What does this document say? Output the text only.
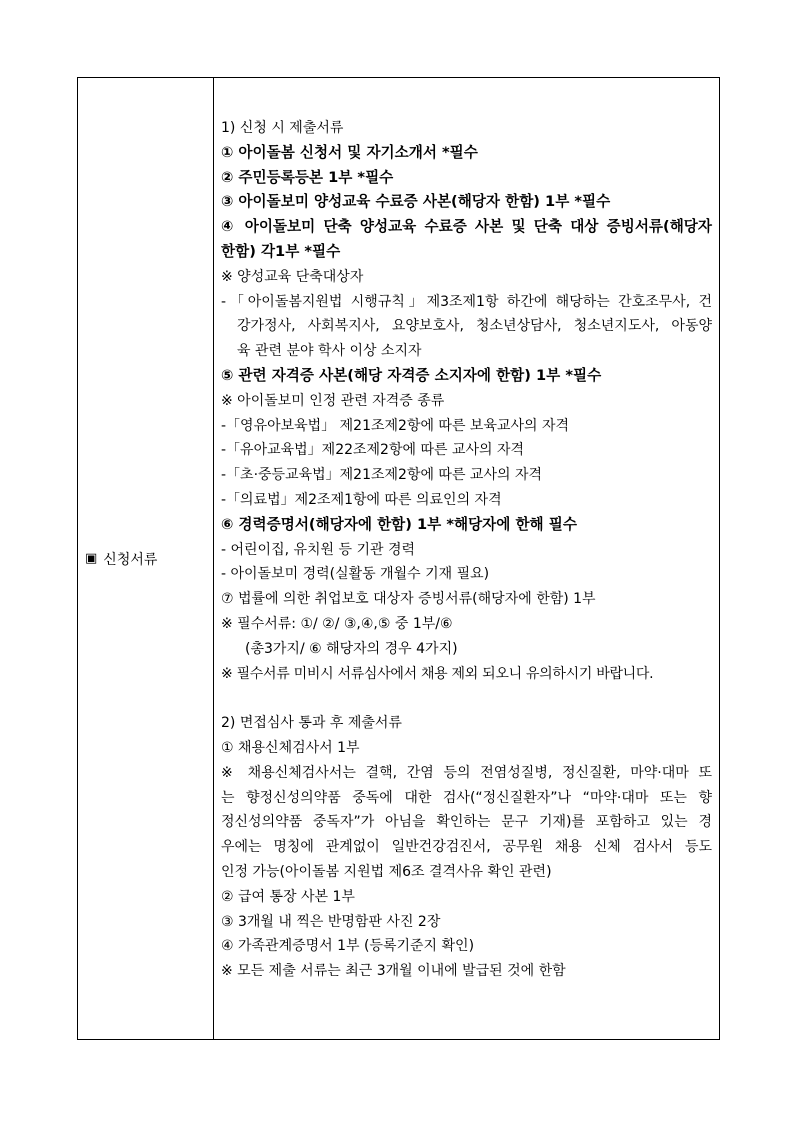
▣ 신청서류

1) 신청 시 제출서류

① 아이돌봄 신청서 및 자기소개서 *필수

② 주민등록등본 1부 *필수

③ 아이돌보미 양성교육 수료증 사본(해당자 한함) 1부 *필수

④ 아이돌보미 단축 양성교육 수료증 사본 및 단축 대상 증빙서류(해당자

한함) 각1부 *필수

※ 양성교육 단축대상자

-「아이돌봄지원법 시행규칙」제3조제1항 하간에 해당하는 간호조무사, 건

강가정사, 사회복지사, 요양보호사, 청소년상담사, 청소년지도사, 아동양

육 관련 분야 학사 이상 소지자

⑤ 관련 자격증 사본(해당 자격증 소지자에 한함) 1부 *필수

※ 아이돌보미 인정 관련 자격증 종류

-「영유아보육법」 제21조제2항에 따른 보육교사의 자격

-「유아교육법」제22조제2항에 따른 교사의 자격

-「초·중등교육법」제21조제2항에 따른 교사의 자격

-「의료법」제2조제1항에 따른 의료인의 자격

⑥ 경력증명서(해당자에 한함) 1부 *해당자에 한해 필수

- 어린이집, 유치원 등 기관 경력

- 아이돌보미 경력(실활동 개월수 기재 필요)

⑦ 법률에 의한 취업보호 대상자 증빙서류(해당자에 한함) 1부

※ 필수서류: ①/ ②/ ③,④,⑤ 중 1부/⑥

(총3가지/ ⑥ 해당자의 경우 4가지)

※ 필수서류 미비시 서류심사에서 채용 제외 되오니 유의하시기 바랍니다.

2) 면접심사 통과 후 제출서류

① 채용신체검사서 1부

※ 채용신체검사서는 결핵, 간염 등의 전염성질병, 정신질환, 마약·대마 또

는 향정신성의약품 중독에 대한 검사(“정신질환자”나 “마약·대마 또는 향

정신성의약품 중독자”가 아님을 확인하는 문구 기재)를 포함하고 있는 경

우에는 명칭에 관계없이 일반건강검진서, 공무원 채용 신체 검사서 등도

인정 가능(아이돌봄 지원법 제6조 결격사유 확인 관련)

② 급여 통장 사본 1부

③ 3개월 내 찍은 반명함판 사진 2장

④ 가족관계증명서 1부 (등록기준지 확인)

※ 모든 제출 서류는 최근 3개월 이내에 발급된 것에 한함
